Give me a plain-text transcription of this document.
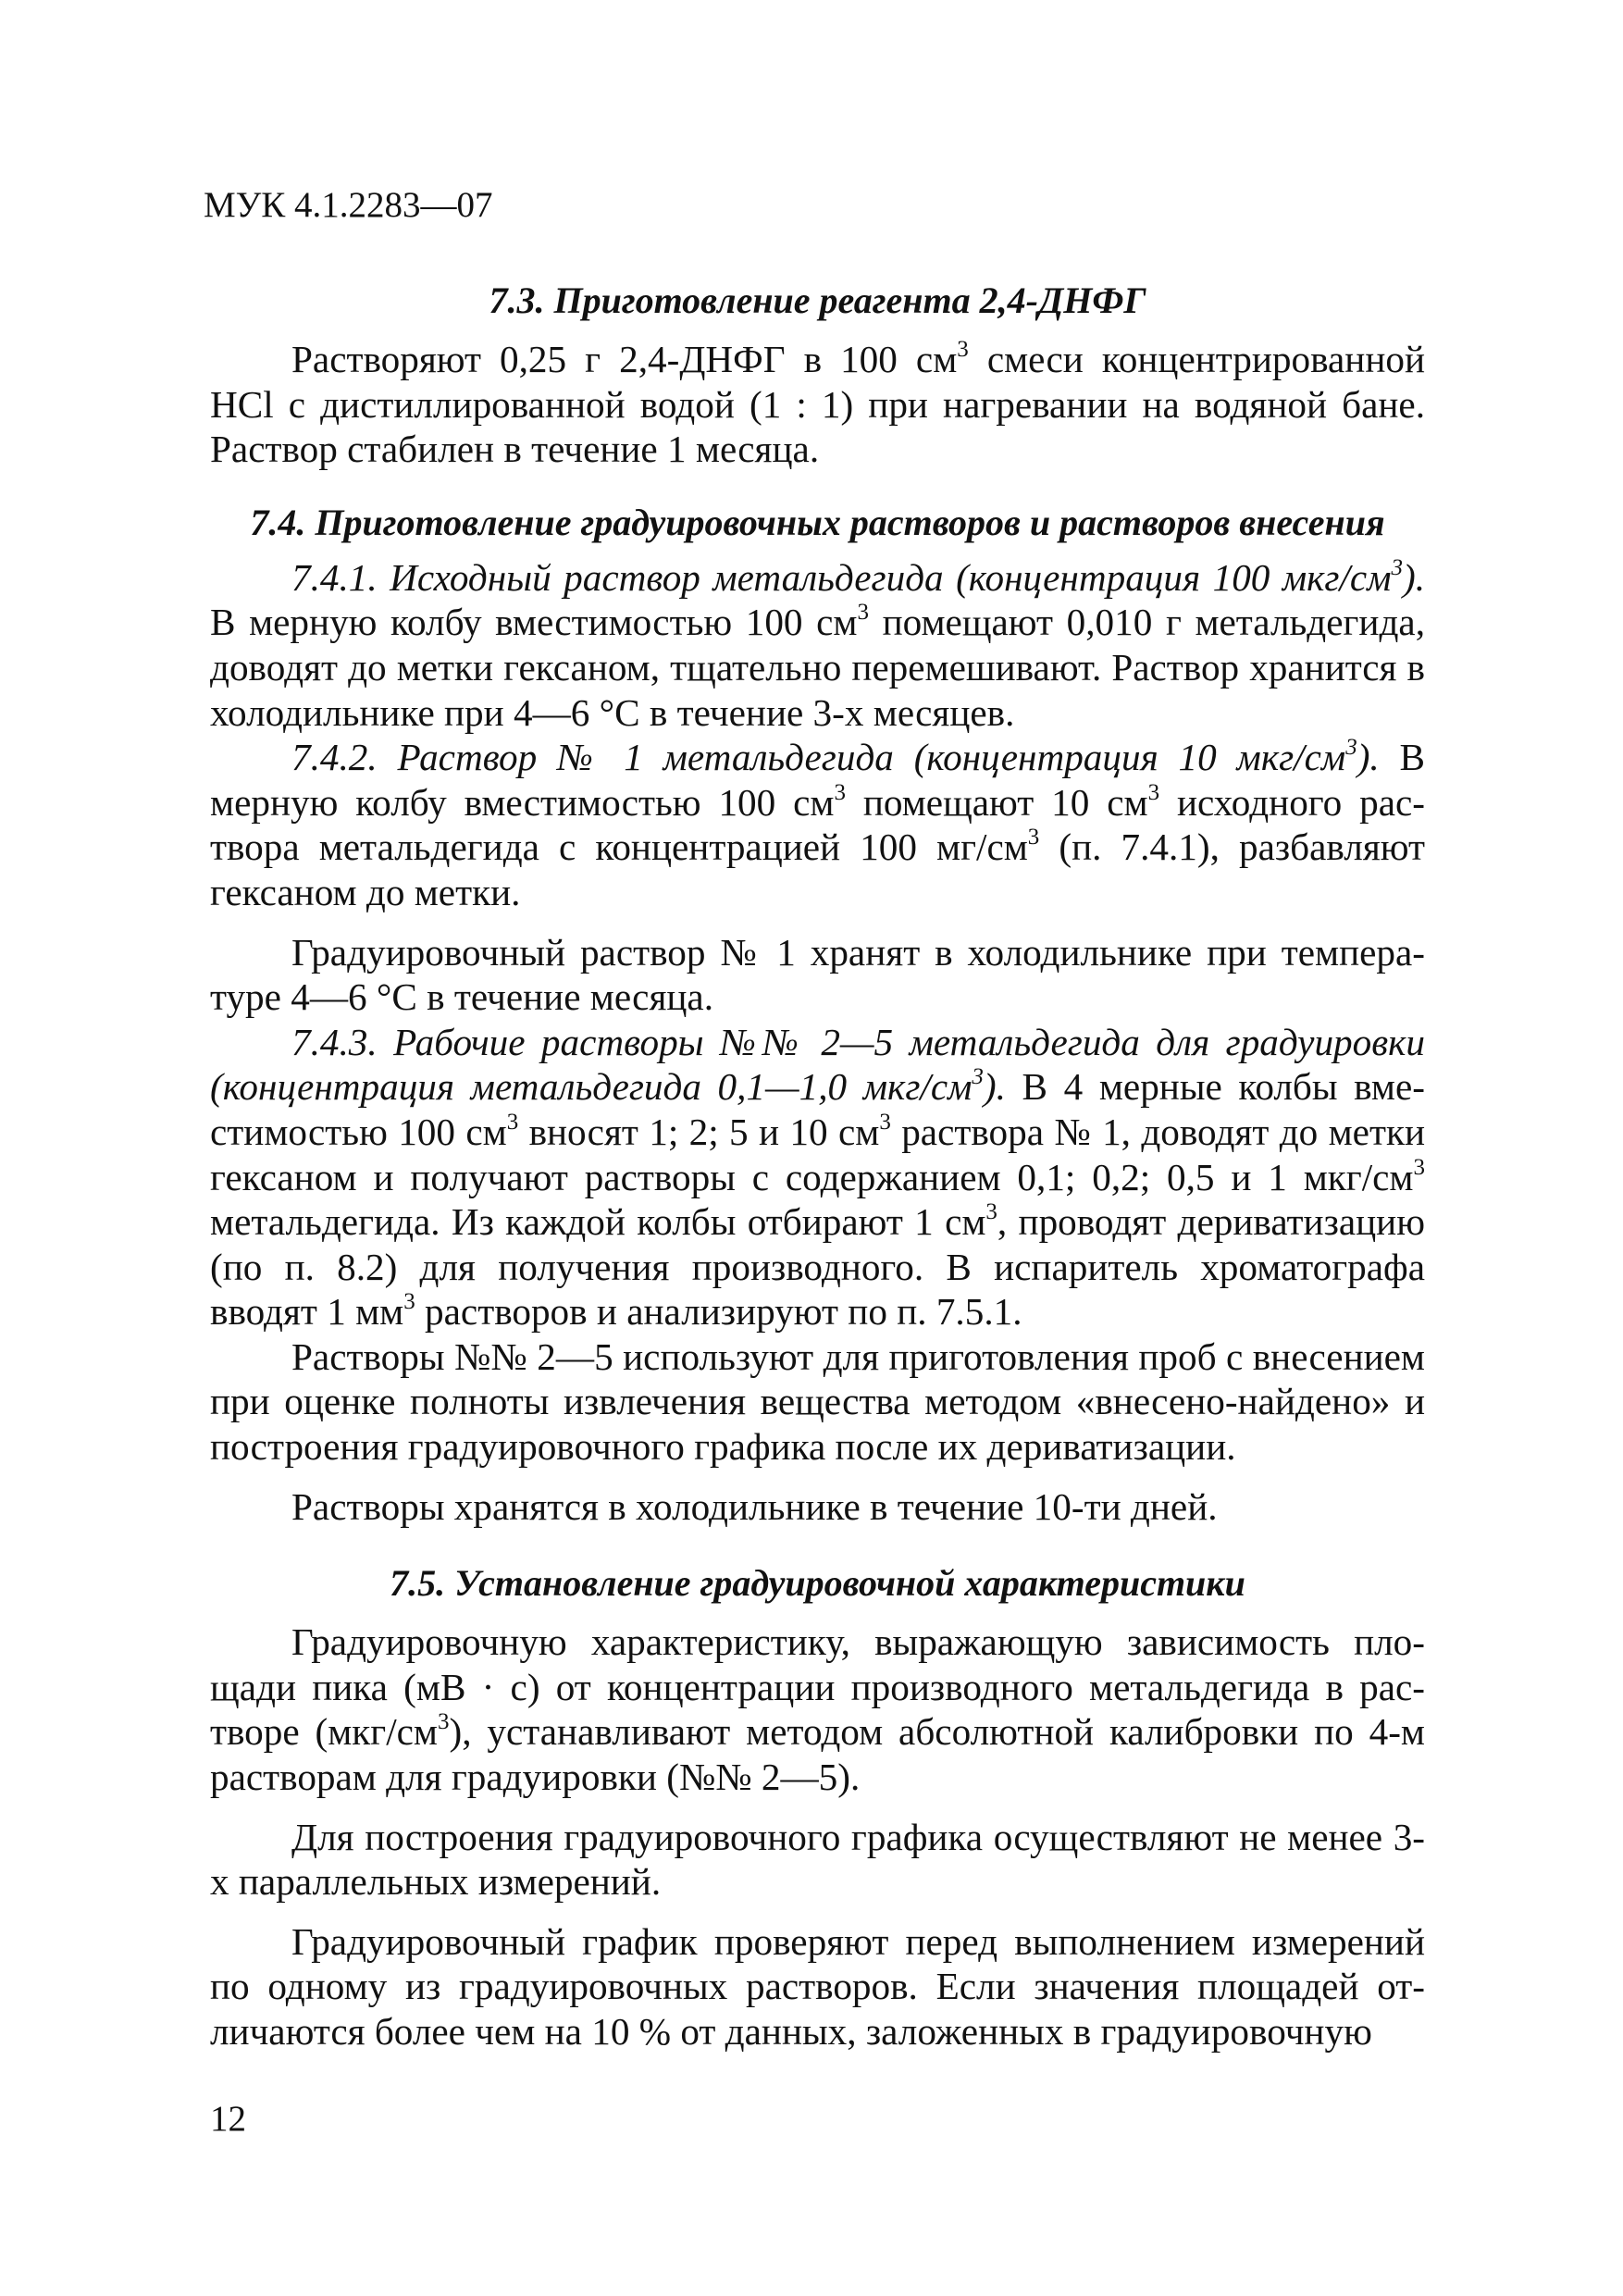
МУК 4.1.2283—07
7.3. Приготовление реагента 2,4-ДНФГ

Растворяют 0,25 г 2,4-ДНФГ в 100 $см^3$ смеси концентрированной HCl с дистиллированной водой (1 : 1) при нагревании на водяной бане. Раствор стабилен в течение 1 месяца.

7.4. Приготовление градуировочных растворов и растворов внесения

7.4.1. Исходный раствор метальдегида (концентрация 100 мкг/$см^3$). В мерную колбу вместимостью 100 $см^3$ помещают 0,010 г метальдегида, доводят до метки гексаном, тщательно перемешивают. Раствор хранится в холодильнике при 4—6 °С в течение 3-х месяцев.

7.4.2. Раствор № 1 метальдегида (концентрация 10 мкг/$см^3$). В мерную колбу вместимостью 100 $см^3$ помещают 10 $см^3$ исходного раствора метальдегида с концентрацией 100 $мг/см^3$ (п. 7.4.1), разбавляют гексаном до метки.

Градуировочный раствор № 1 хранят в холодильнике при температуре 4—6 °С в течение месяца.

7.4.3. Рабочие растворы №№ 2—5 метальдегида для градуировки (концентрация метальдегида 0,1—1,0 мкг/$см^3$). В 4 мерные колбы вместимостью 100 $см^3$ вносят 1; 2; 5 и 10 $см^3$ раствора № 1, доводят до метки гексаном и получают растворы с содержанием 0,1; 0,2; 0,5 и 1 мкг/$см^3$ метальдегида. Из каждой колбы отбирают 1 $см^3$, проводят дериватизацию (по п. 8.2) для получения производного. В испаритель хроматографа вводят 1 $мм^3$ растворов и анализируют по п. 7.5.1.

Растворы №№ 2—5 используют для приготовления проб с внесением при оценке полноты извлечения вещества методом «внесено-найдено» и построения градуировочного графика после их дериватизации.

Растворы хранятся в холодильнике в течение 10-ти дней.

7.5. Установление градуировочной характеристики

Градуировочную характеристику, выражающую зависимость площади пика (мВ · с) от концентрации производного метальдегида в растворе $(мкг/см^3)$, устанавливают методом абсолютной калибровки по 4-м растворам для градуировки (№№ 2—5).

Для построения градуировочного графика осуществляют не менее 3-х параллельных измерений.

Градуировочный график проверяют перед выполнением измерений по одному из градуировочных растворов. Если значения площадей отличаются более чем на 10 % от данных, заложенных в градуировочную

12
